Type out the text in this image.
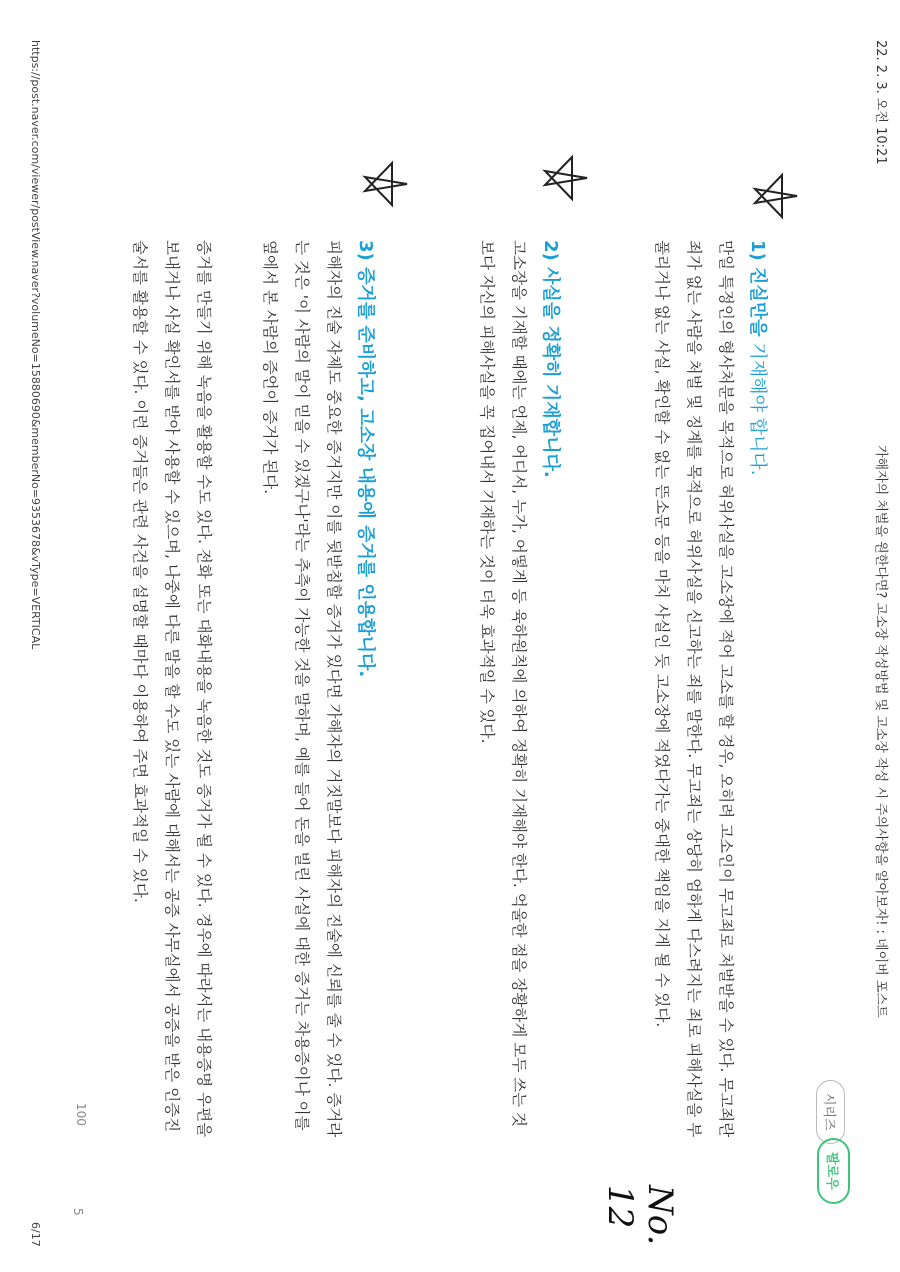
22. 2. 3. 오전 10:21
가해자의 처벌을 원한다면? 고소장 작성방법 및 고소장 작성 시 주의사항을 알아보자! : 네이버 포스트
1) 진실만을 기재해야 합니다.
만일 특정인의 형사처분을 목적으로 허위사실을 고소장에 적어 고소를 할 경우, 오히려 고소인이 무고죄로 처벌받을 수 있다. 무고죄란 죄가 없는 사람을 처벌 및 징계를 목적으로 허위사실을 신고하는 죄를 말한다. 무고죄는 상당히 엄하게 다스려지는 죄로 피해사실을 부풀리거나 없는 사실, 확인할 수 없는 뜬소문 등을 마치 사실인 듯 고소장에 적었다가는 중대한 책임을 지게 될 수 있다.
2) 사실을 정확히 기재합니다.
고소장을 기재할 때에는 언제, 어디서, 누가, 어떻게 등 육하원칙에 의하여 정확히 기재해야 한다. 억울한 점을 장황하게 모두 쓰는 것보다 자신의 피해사실을 꼭 집어내서 기재하는 것이 더욱 효과적일 수 있다.
3) 증거를 준비하고, 고소장 내용에 증거를 인용합니다.
피해자의 진술 자체도 중요한 증거지만 이를 뒷받침할 증거가 있다면 가해자의 거짓말보다 피해자의 진술에 신뢰를 줄 수 있다. 증거라는 것은 '이 사람의 말이 믿을 수 있겠구나'라는 추측이 가능한 것을 말하며, 예를 들어 돈을 빌린 사실에 대한 증거는 차용증이나 이를 옆에서 본 사람의 증언이 증거가 된다.
증거를 만들기 위해 녹음을 활용할 수도 있다. 전화 또는 대화내용을 녹음한 것도 증거가 될 수 있다. 경우에 따라서는 내용증명 우편을 보내거나 사실 확인서를 받아 사용할 수 있으며, 나중에 다른 말을 할 수도 있는 사람에 대해서는 공증 사무실에서 공증을 받은 인증진술서를 활용할 수 있다. 이런 증거들은 관련 사건을 설명할 때마다 이용하여 주면 효과적일 수 있다.
시리즈
팔로우
100
5	No. 12
https://post.naver.com/viewer/postView.naver?volumeNo=15880690&memberNo=9353678&vType=VERTICAL
6/17
